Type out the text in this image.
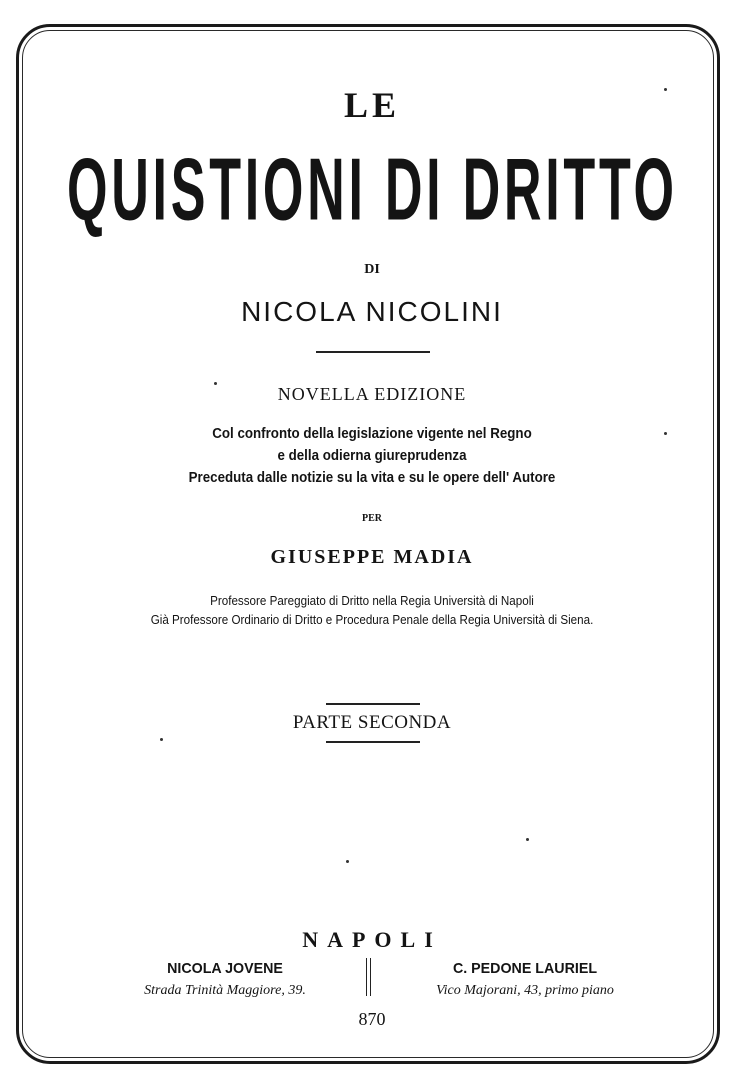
LE
QUISTIONI DI DRITTO
DI
NICOLA NICOLINI
NOVELLA EDIZIONE
Col confronto della legislazione vigente nel Regno
e della odierna giureprudenza
Preceduta dalle notizie su la vita e su le opere dell' Autore
PER
GIUSEPPE MADIA
Professore Pareggiato di Dritto nella Regia Università di Napoli
Già Professore Ordinario di Dritto e Procedura Penale della Regia Università di Siena.
PARTE SECONDA
NAPOLI
NICOLA JOVENE
Strada Trinità Maggiore, 39.
C. PEDONE LAURIEL
Vico Majorani, 43, primo piano
870
